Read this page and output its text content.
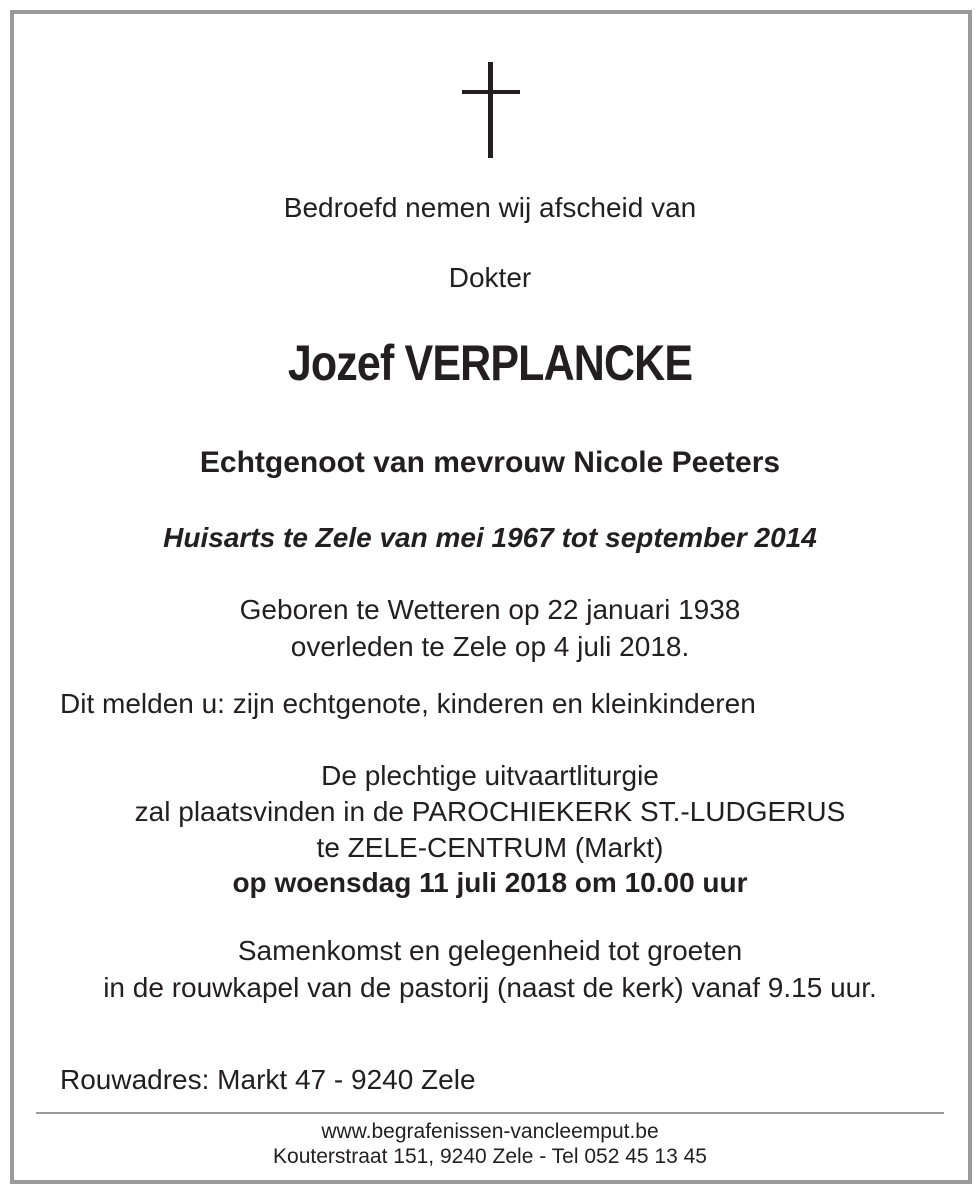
Bedroefd nemen wij afscheid van
Dokter
Jozef VERPLANCKE
Echtgenoot van mevrouw Nicole Peeters
Huisarts te Zele van mei 1967 tot september 2014
Geboren te Wetteren op 22 januari 1938
overleden te Zele op 4 juli 2018.
Dit melden u: zijn echtgenote, kinderen en kleinkinderen
De plechtige uitvaartliturgie
zal plaatsvinden in de PAROCHIEKERK ST.-LUDGERUS
te ZELE-CENTRUM (Markt)
op woensdag 11 juli 2018 om 10.00 uur
Samenkomst en gelegenheid tot groeten
in de rouwkapel van de pastorij (naast de kerk) vanaf 9.15 uur.
Rouwadres: Markt 47 - 9240 Zele
www.begrafenissen-vancleemput.be
Kouterstraat 151, 9240 Zele - Tel 052 45 13 45
